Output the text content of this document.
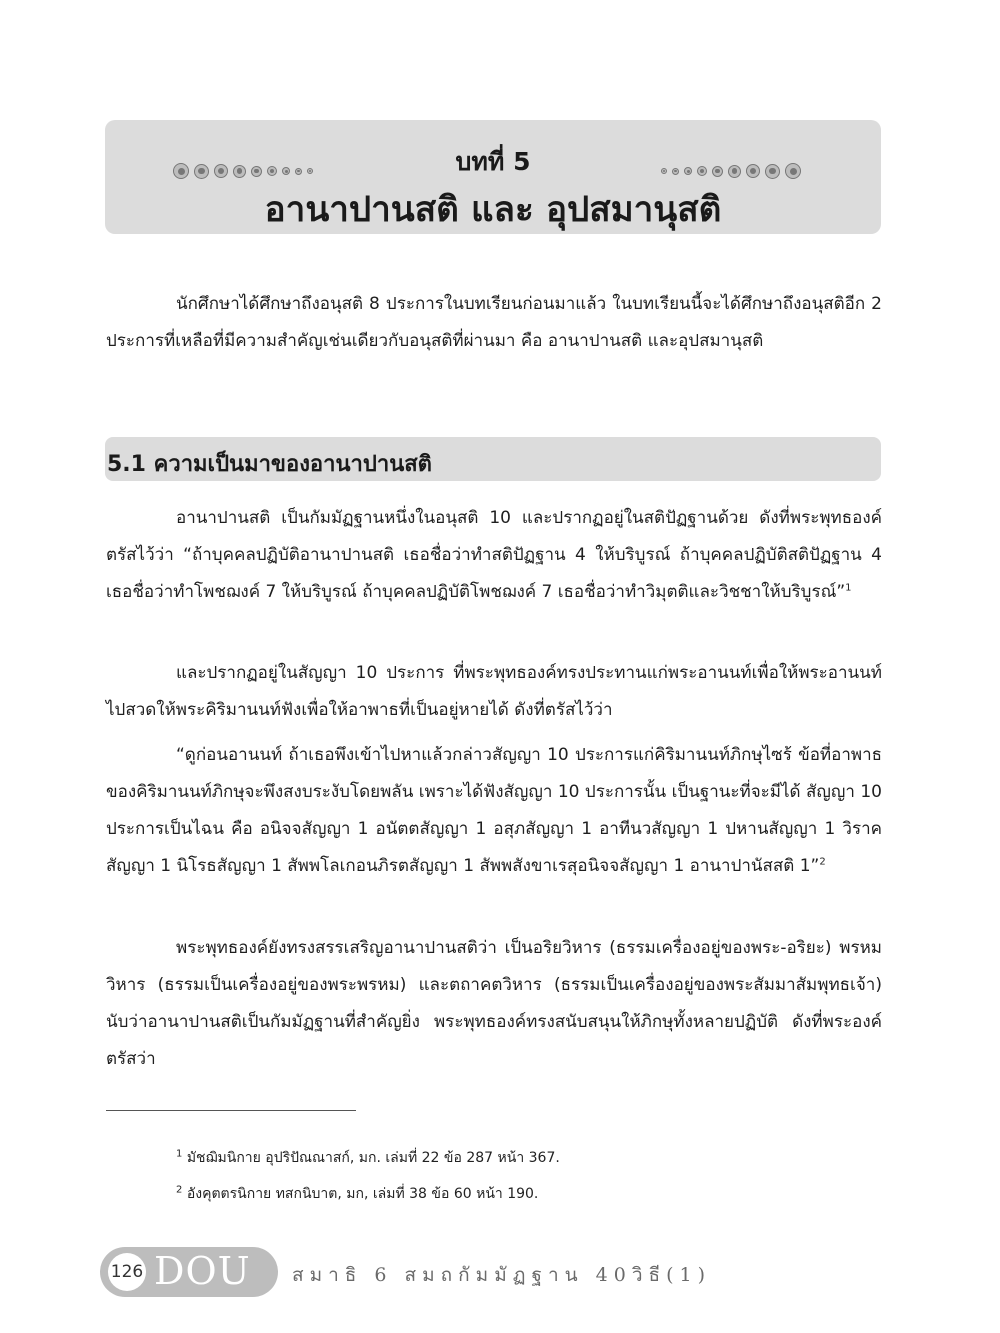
บทที่ 5
อานาปานสติ และ อุปสมานุสติ

นักศึกษาได้ศึกษาถึงอนุสติ 8 ประการในบทเรียนก่อนมาแล้ว ในบทเรียนนี้จะได้ศึกษาถึงอนุสติอีก 2 ประการที่เหลือที่มีความสำคัญเช่นเดียวกับอนุสติที่ผ่านมา คือ อานาปานสติ และอุปสมานุสติ

5.1 ความเป็นมาของอานาปานสติ

อานาปานสติ เป็นกัมมัฏฐานหนึ่งในอนุสติ 10 และปรากฏอยู่ในสติปัฏฐานด้วย ดังที่พระพุทธองค์ตรัสไว้ว่า “ถ้าบุคคลปฏิบัติอานาปานสติ เธอชื่อว่าทำสติปัฏฐาน 4 ให้บริบูรณ์ ถ้าบุคคลปฏิบัติสติปัฏฐาน 4 เธอชื่อว่าทำโพชฌงค์ 7 ให้บริบูรณ์ ถ้าบุคคลปฏิบัติโพชฌงค์ 7 เธอชื่อว่าทำวิมุตติและวิชชาให้บริบูรณ์”$^1$

และปรากฏอยู่ในสัญญา 10 ประการ ที่พระพุทธองค์ทรงประทานแก่พระอานนท์เพื่อให้พระอานนท์ไปสวดให้พระคิริมานนท์ฟังเพื่อให้อาพาธที่เป็นอยู่หายได้ ดังที่ตรัสไว้ว่า

“ดูก่อนอานนท์ ถ้าเธอพึงเข้าไปหาแล้วกล่าวสัญญา 10 ประการแก่คิริมานนท์ภิกษุไซร้ ข้อที่อาพาธของคิริมานนท์ภิกษุจะพึงสงบระงับโดยพลัน เพราะได้ฟังสัญญา 10 ประการนั้น เป็นฐานะที่จะมีได้ สัญญา 10 ประการเป็นไฉน คือ อนิจจสัญญา 1 อนัตตสัญญา 1 อสุภสัญญา 1 อาทีนวสัญญา 1 ปหานสัญญา 1 วิราคสัญญา 1 นิโรธสัญญา 1 สัพพโลเกอนภิรตสัญญา 1 สัพพสังขาเรสุอนิจจสัญญา 1 อานาปานัสสติ 1”$^2$

พระพุทธองค์ยังทรงสรรเสริญอานาปานสติว่า เป็นอริยวิหาร (ธรรมเครื่องอยู่ของพระ-อริยะ) พรหมวิหาร (ธรรมเป็นเครื่องอยู่ของพระพรหม) และตถาคตวิหาร (ธรรมเป็นเครื่องอยู่ของพระสัมมาสัมพุทธเจ้า) นับว่าอานาปานสติเป็นกัมมัฏฐานที่สำคัญยิ่ง พระพุทธองค์ทรงสนับสนุนให้ภิกษุทั้งหลายปฏิบัติ ดังที่พระองค์ตรัสว่า

$^1$ มัชฌิมนิกาย อุปริปัณณาสก์, มก. เล่มที่ 22 ข้อ 287 หน้า 367.
$^2$ อังคุตตรนิกาย ทสกนิบาต, มก, เล่มที่ 38 ข้อ 60 หน้า 190.
126 DOU สมาธิ 6 สมถกัมมัฏฐาน 40วิธี(1)
